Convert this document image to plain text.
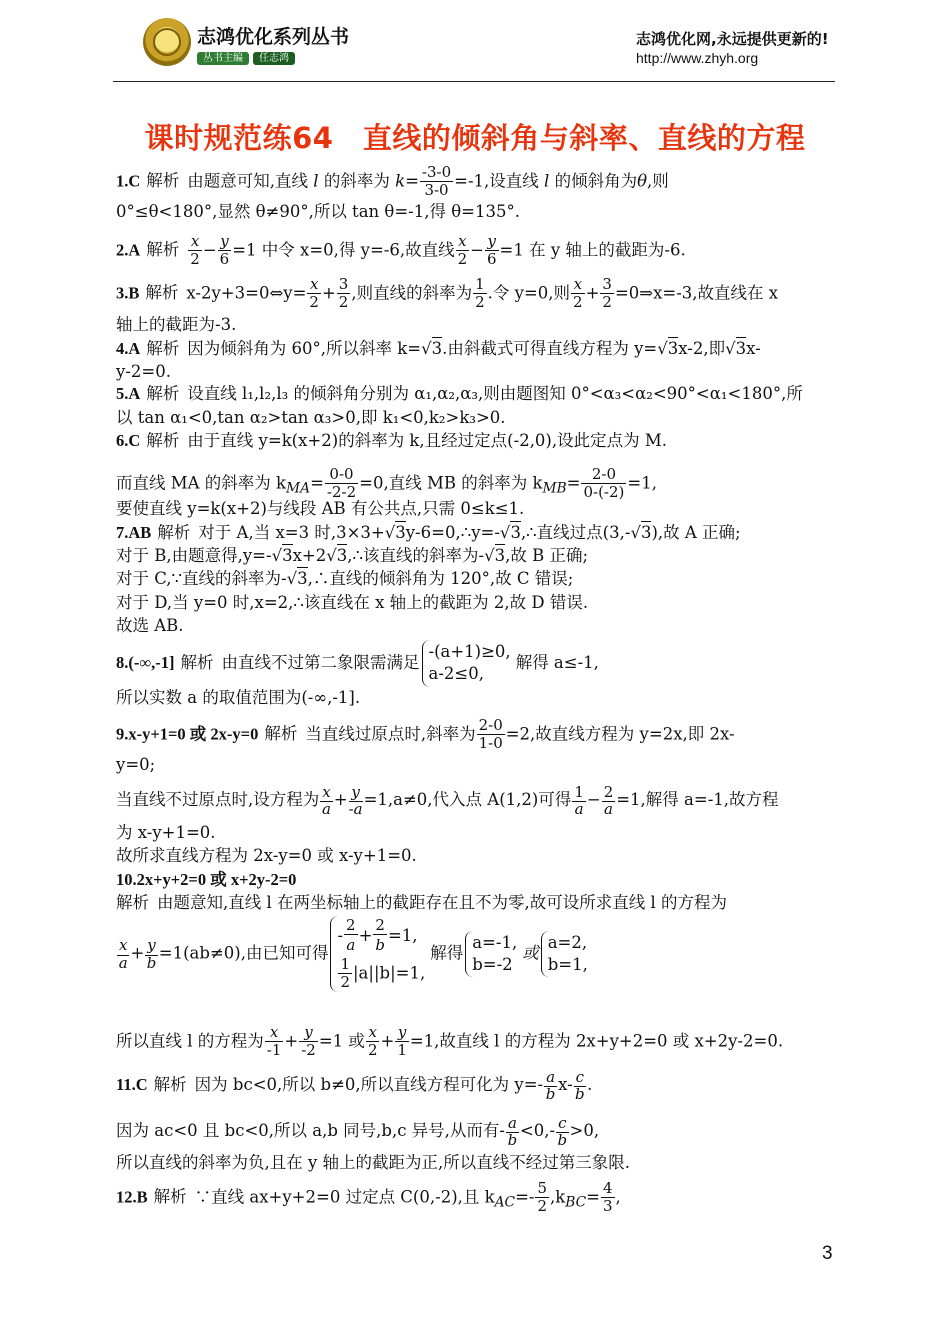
志鸿优化系列丛书
丛书主编 任志鸿
志鸿优化网,永远提供更新的!
http://www.zhyh.org
课时规范练64　直线的倾斜角与斜率、直线的方程
1.C 解析 由题意可知,直线 l 的斜率为 $k= \frac{-3-0}{3-0} =-1$,设直线 l 的倾斜角为θ,则
0°≤θ<180°,显然 θ≠90°,所以 tan θ=-1,得 θ=135°.
2.A 解析 $\frac{x}{2} - \frac{y}{6} =1$ 中令 x=0,得 y=-6,故直线 $\frac{x}{2} - \frac{y}{6} =1$ 在 y 轴上的截距为-6.
3.B 解析 x-2y+3=0⇔y= $\frac{x}{2} + \frac{3}{2}$ ,则直线的斜率为 $\frac{1}{2}$ .令 y=0,则 $\frac{x}{2} + \frac{3}{2}$ =0⇒x=-3,故直线在 x
轴上的截距为-3.
4.A 解析 因为倾斜角为 60°,所以斜率 k=√3.由斜截式可得直线方程为 y=√3x-2,即√3x-
y-2=0.
5.A 解析 设直线 l₁,l₂,l₃ 的倾斜角分别为 α₁,α₂,α₃,则由题图知 0°<α₃<α₂<90°<α₁<180°,所
以 tan α₁<0,tan α₂>tan α₃>0,即 k₁<0,k₂>k₃>0.
6.C 解析 由于直线 y=k(x+2)的斜率为 k,且经过定点(-2,0),设此定点为 M.
而直线 MA 的斜率为 $k_{MA}= \frac{0-0}{-2-2} =0$,直线 MB 的斜率为 $k_{MB}= \frac{2-0}{0-(-2)} =1$,
要使直线 y=k(x+2)与线段 AB 有公共点,只需 0≤k≤1.
7.AB 解析 对于 A,当 x=3 时,3×3+√3y-6=0,∴y=-√3,∴直线过点(3,-√3),故 A 正确;
对于 B,由题意得,y=-√3x+2√3,∴该直线的斜率为-√3,故 B 正确;
对于 C,∵直线的斜率为-√3,∴直线的倾斜角为 120°,故 C 错误;
对于 D,当 y=0 时,x=2,∴该直线在 x 轴上的截距为 2,故 D 错误.
故选 AB.
8.(-∞,-1] 解析 由直线不过第二象限需满足
-(a+1)≥0,
a-2≤0,
解得 a≤-1,
所以实数 a 的取值范围为(-∞,-1].
9.x-y+1=0 或 2x-y=0 解析 当直线过原点时,斜率为 $\frac{2-0}{1-0} =2$,故直线方程为 y=2x,即 2x-
y=0;
当直线不过原点时,设方程为 $\frac{x}{a}+ \frac{y}{-a}=1,a\ne 0$,代入点 A(1,2)可得 $\frac{1}{a}- \frac{2}{a}=1$,解得 a=-1,故方程
为 x-y+1=0.
故所求直线方程为 2x-y=0 或 x-y+1=0.
10.2x+y+2=0 或 x+2y-2=0
解析 由题意知,直线 l 在两坐标轴上的截距存在且不为零,故可设所求直线 l 的方程为
$\frac{x}{a}+ \frac{y}{b}=1(ab\ne 0)$,由已知可得
- $\frac{2}{a}+ \frac{2}{b}=1$,
$\frac{1}{2} |a||b|=1$,
解得
a=-1,
b=-2
或
a=2,
b=1,
所以直线 l 的方程为 $\frac{x}{-1} + \frac{y}{-2} =1$ 或 $\frac{x}{2} + \frac{y}{1} =1$,故直线 l 的方程为 2x+y+2=0 或 x+2y-2=0.
11.C 解析 因为 bc<0,所以 b≠0,所以直线方程可化为 $y=- \frac{a}{b}x- \frac{c}{b}$.
因为 ac<0 且 bc<0,所以 a,b 同号,b,c 异号,从而有- $\frac{a}{b}<0,- \frac{c}{b}>0$,
所以直线的斜率为负,且在 y 轴上的截距为正,所以直线不经过第三象限.
12.B 解析 ∵直线 ax+y+2=0 过定点 C(0,-2),且 $k_{AC}=- \frac{5}{2} ,k_{BC}= \frac{4}{3}$ ,
3
